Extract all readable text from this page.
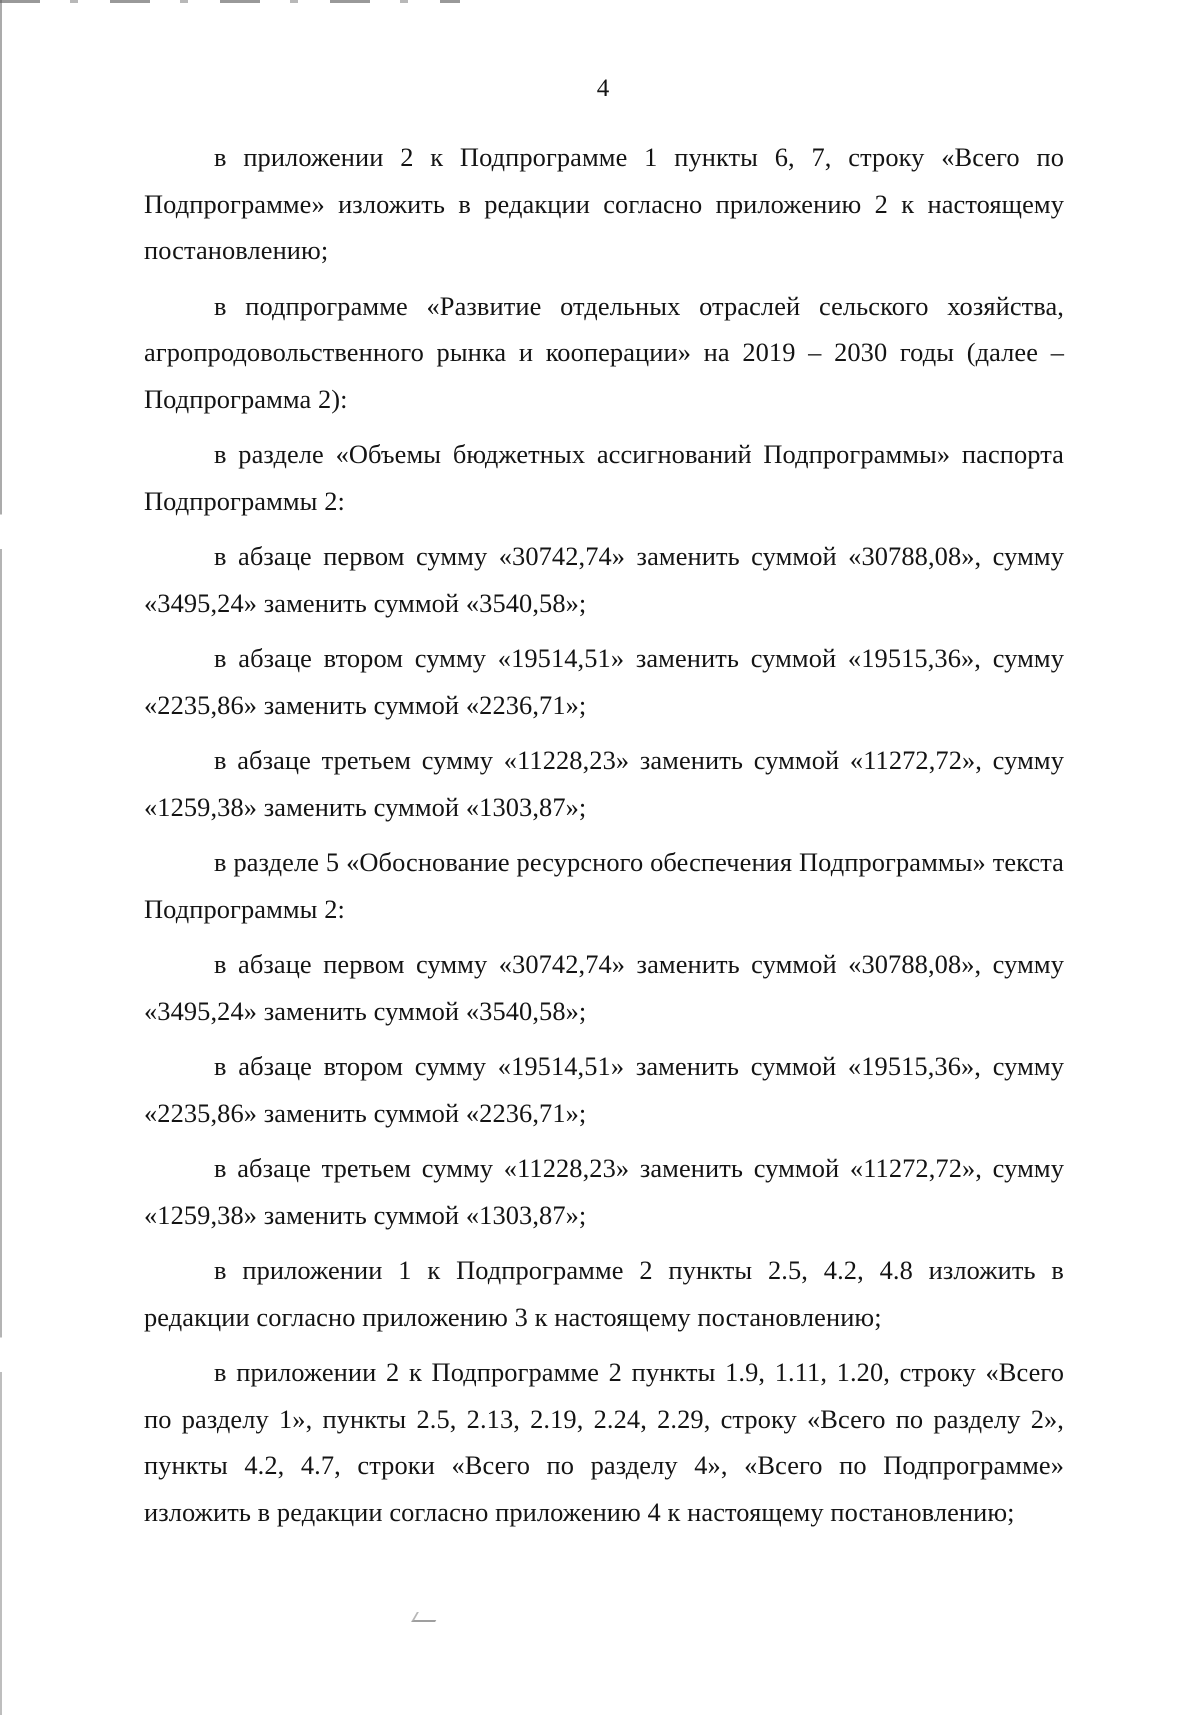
4

в приложении 2 к Подпрограмме 1 пункты 6, 7, строку «Всего по Подпрограмме» изложить в редакции согласно приложению 2 к настоящему постановлению;

в подпрограмме «Развитие отдельных отраслей сельского хозяйства, агропродовольственного рынка и кооперации» на 2019 – 2030 годы (далее – Подпрограмма 2):

в разделе «Объемы бюджетных ассигнований Подпрограммы» паспорта Подпрограммы 2:

в абзаце первом сумму «30742,74» заменить суммой «30788,08», сумму «3495,24» заменить суммой «3540,58»;

в абзаце втором сумму «19514,51» заменить суммой «19515,36», сумму «2235,86» заменить суммой «2236,71»;

в абзаце третьем сумму «11228,23» заменить суммой «11272,72», сумму «1259,38» заменить суммой «1303,87»;

в разделе 5 «Обоснование ресурсного обеспечения Подпрограммы» текста Подпрограммы 2:

в абзаце первом сумму «30742,74» заменить суммой «30788,08», сумму «3495,24» заменить суммой «3540,58»;

в абзаце втором сумму «19514,51» заменить суммой «19515,36», сумму «2235,86» заменить суммой «2236,71»;

в абзаце третьем сумму «11228,23» заменить суммой «11272,72», сумму «1259,38» заменить суммой «1303,87»;

в приложении 1 к Подпрограмме 2 пункты 2.5, 4.2, 4.8 изложить в редакции согласно приложению 3 к настоящему постановлению;

в приложении 2 к Подпрограмме 2 пункты 1.9, 1.11, 1.20, строку «Всего по разделу 1», пункты 2.5, 2.13, 2.19, 2.24, 2.29, строку «Всего по разделу 2», пункты 4.2, 4.7, строки «Всего по разделу 4», «Всего по Подпрограмме» изложить в редакции согласно приложению 4 к настоящему постановлению;
